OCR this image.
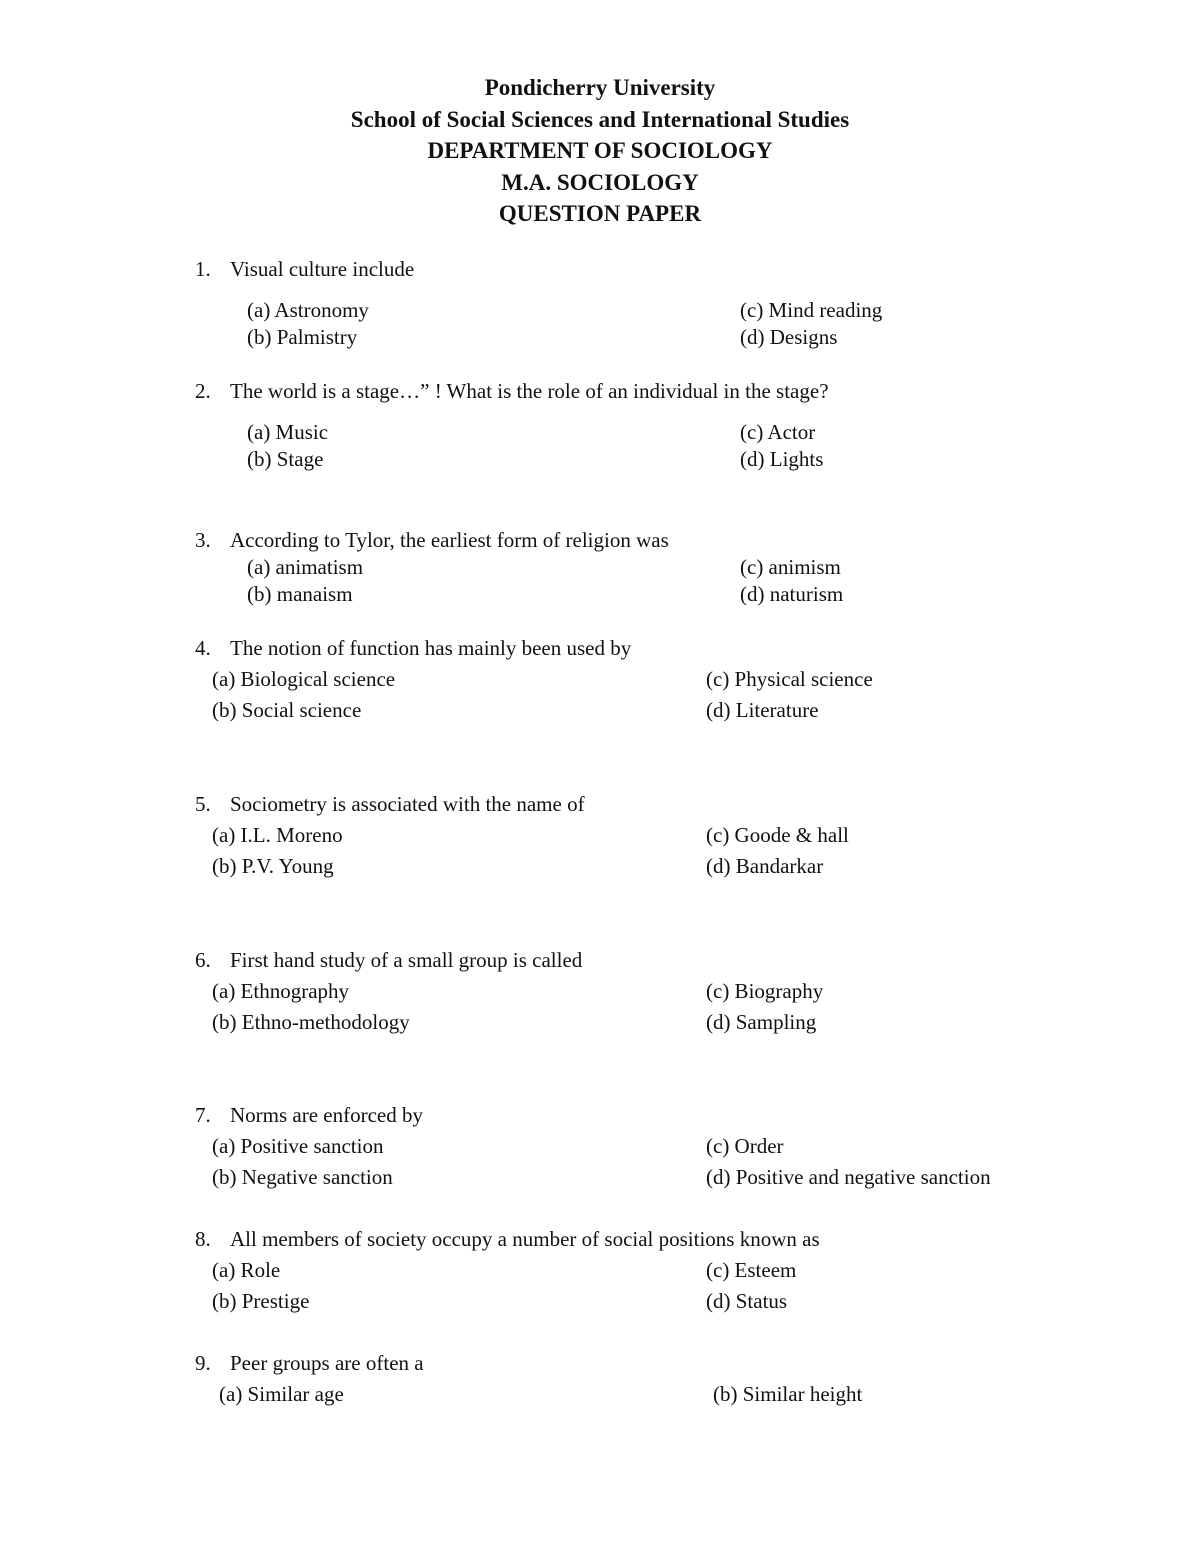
Pondicherry University
School of Social Sciences and International Studies
DEPARTMENT OF SOCIOLOGY
M.A. SOCIOLOGY
QUESTION PAPER
1. Visual culture include
(a) Astronomy
(b) Palmistry
(c) Mind reading
(d) Designs
2. The world is a stage…” ! What is the role of an individual in the stage?
(a) Music
(b) Stage
(c) Actor
(d) Lights
3. According to Tylor, the earliest form of religion was
(a) animatism
(b) manaism
(c) animism
(d) naturism
4. The notion of function has mainly been used by
(a) Biological science
(b) Social science
(c) Physical science
(d) Literature
5. Sociometry is associated with the name of
(a) I.L. Moreno
(b) P.V. Young
(c) Goode & hall
(d) Bandarkar
6. First hand study of a small group is called
(a) Ethnography
(b) Ethno-methodology
(c) Biography
(d) Sampling
7. Norms are enforced by
(a) Positive sanction
(b) Negative sanction
(c) Order
(d) Positive and negative sanction
8. All members of society occupy a number of social positions known as
(a) Role
(b) Prestige
(c) Esteem
(d) Status
9. Peer groups are often a
(a) Similar age	(b) Similar height
